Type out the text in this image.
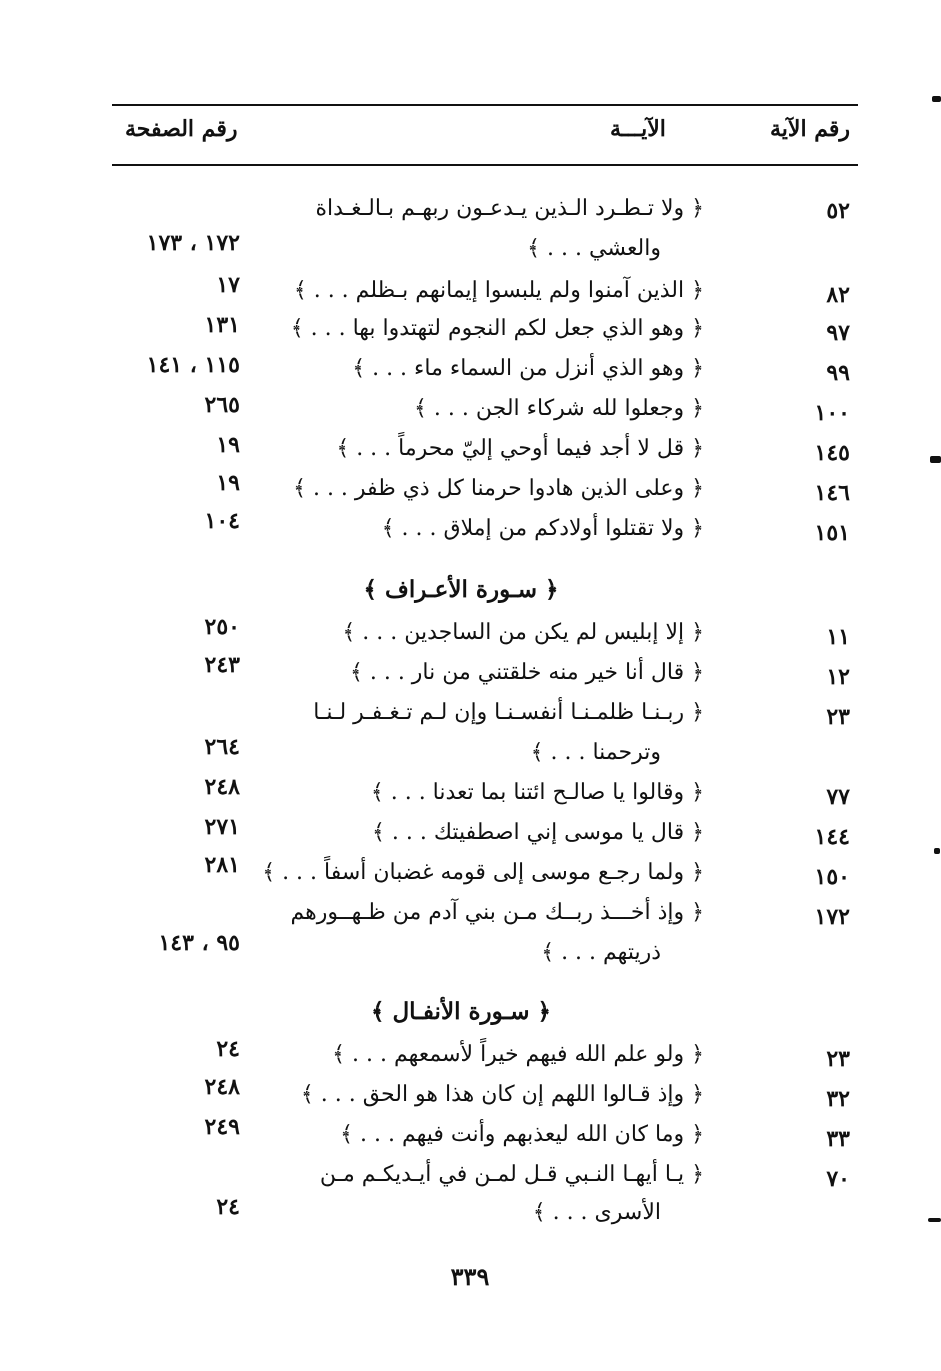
رقم الآية
الآيـــة
رقم الصفحة
٥٢
﴿ ولا تـطـرد الـذين يـدعـون ربهـم بـالـغـداة
والعشي . . . ﴾
١٧٢ ، ١٧٣
٨٢
﴿ الذين آمنوا ولم يلبسوا إيمانهم بـظلم . . . ﴾
١٧
٩٧
﴿ وهو الذي جعل لكم النجوم لتهتدوا بها . . . ﴾
١٣١
٩٩
﴿ وهو الذي أنزل من السماء ماء . . . ﴾
١١٥ ، ١٤١
١٠٠
﴿ وجعلوا لله شركاء الجن . . . ﴾
٢٦٥
١٤٥
﴿ قل لا أجد فيما أوحي إليّ محرماً . . . ﴾
١٩
١٤٦
﴿ وعلى الذين هادوا حرمنا كل ذي ظفر . . . ﴾
١٩
١٥١
﴿ ولا تقتلوا أولادكم من إملاق . . . ﴾
١٠٤
﴿ سـورة الأعـراف ﴾
١١
﴿ إلا إبليس لم يكن من الساجدين . . . ﴾
٢٥٠
١٢
﴿ قال أنا خير منه خلقتني من نار . . . ﴾
٢٤٣
٢٣
﴿ ربـنـا ظلمـنـا أنفسـنـا وإن لـم تـغـفـر لـنـا
وترحمنا . . . ﴾
٢٦٤
٧٧
﴿ وقالوا يا صالـح ائتنا بما تعدنا . . . ﴾
٢٤٨
١٤٤
﴿ قال يا موسى إني اصطفيتك . . . ﴾
٢٧١
١٥٠
﴿ ولما رجـع موسى إلى قومه غضبان أسفاً . . . ﴾
٢٨١
١٧٢
﴿ وإذ أخـــذ ربــك مـن بني آدم من ظـهــورهم
ذريتهم . . . ﴾
٩٥ ، ١٤٣
﴿ سـورة الأنفـال ﴾
٢٣
﴿ ولو علم الله فيهم خيراً لأسمعهم . . . ﴾
٢٤
٣٢
﴿ وإذ قـالوا اللهم إن كان هذا هو الحق . . . ﴾
٢٤٨
٣٣
﴿ وما كان الله ليعذبهم وأنت فيهم . . . ﴾
٢٤٩
٧٠
﴿ يـا أيهـا النـبي قـل لمـن في أيـديكـم مـن
الأسرى . . . ﴾
٢٤
٣٣٩
